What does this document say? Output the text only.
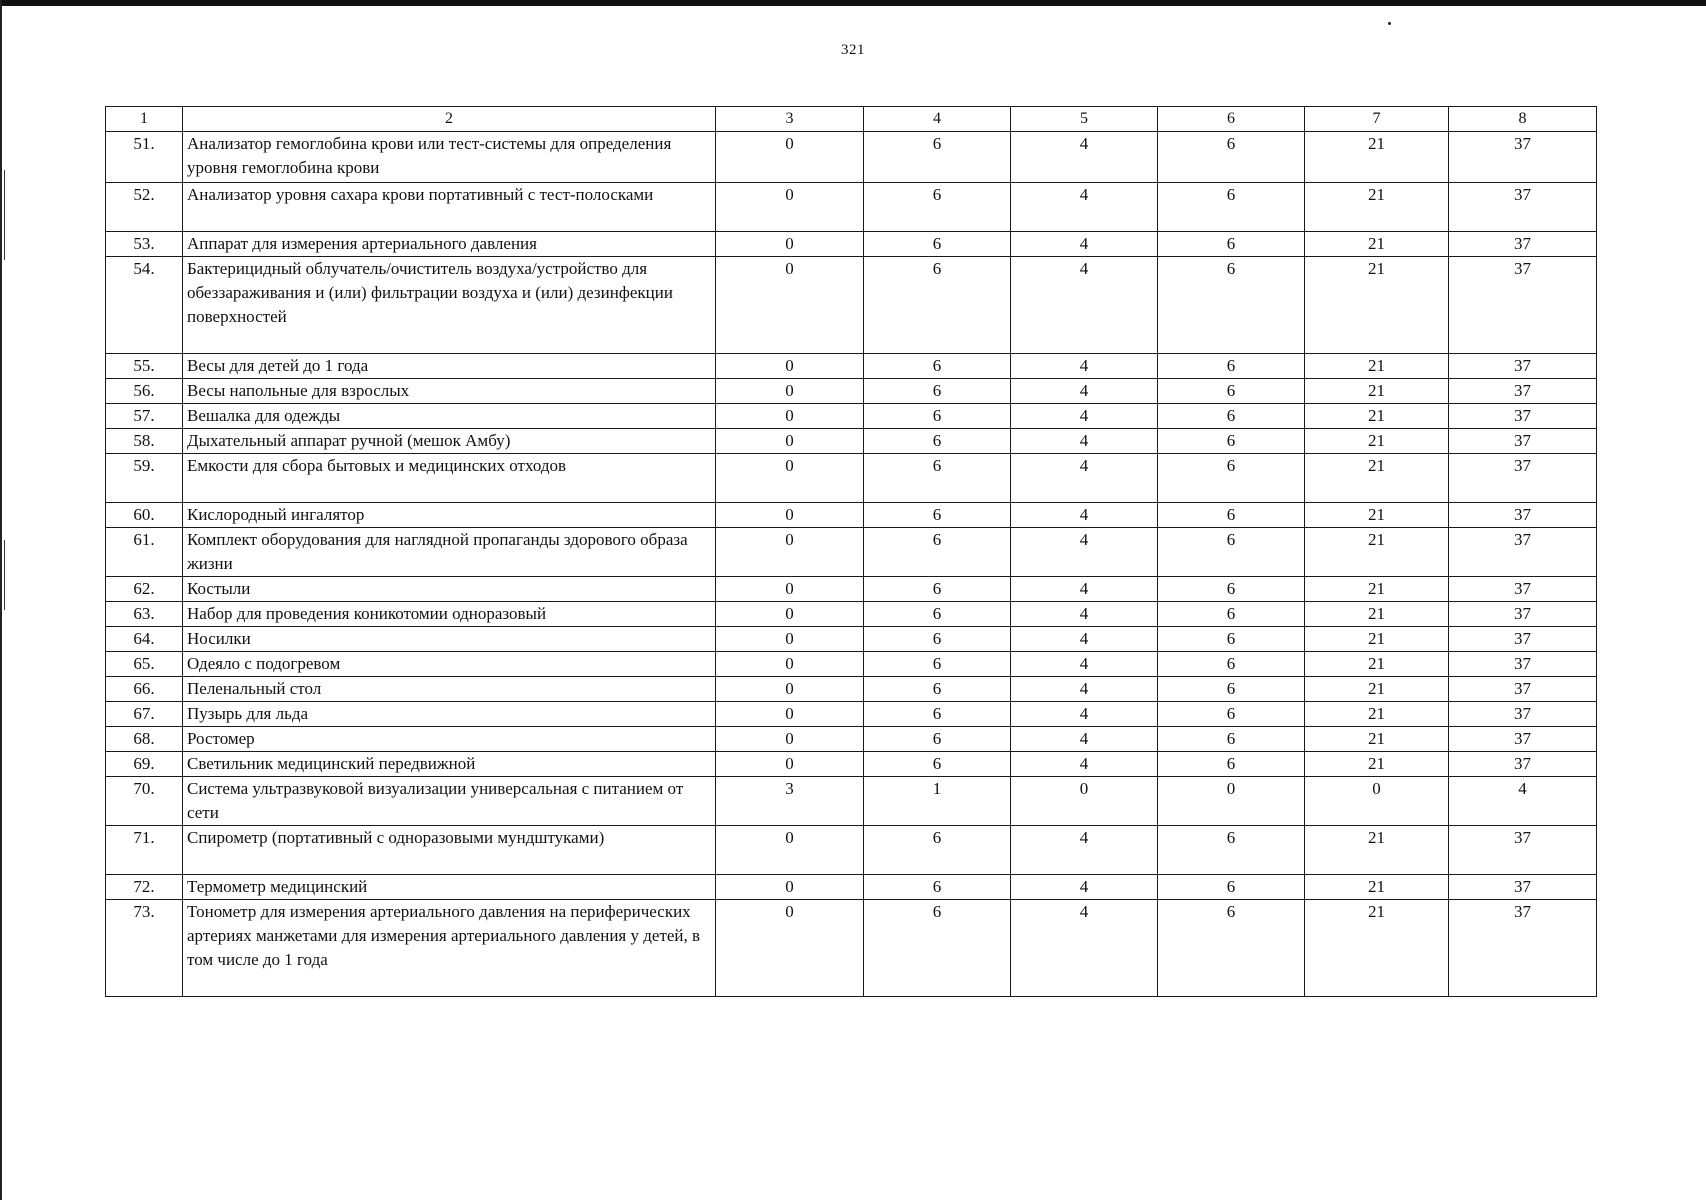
321
1	2	3	4	5	6	7	8
51.	Анализатор гемоглобина крови или тест-системы для определения уровня гемоглобина крови	0	6	4	6	21	37
52.	Анализатор уровня сахара крови портативный с тест-полосками	0	6	4	6	21	37
53.	Аппарат для измерения артериального давления	0	6	4	6	21	37
54.	Бактерицидный облучатель/очиститель воздуха/устройство для обеззараживания и (или) фильтрации воздуха и (или) дезинфекции поверхностей	0	6	4	6	21	37
55.	Весы для детей до 1 года	0	6	4	6	21	37
56.	Весы напольные для взрослых	0	6	4	6	21	37
57.	Вешалка для одежды	0	6	4	6	21	37
58.	Дыхательный аппарат ручной (мешок Амбу)	0	6	4	6	21	37
59.	Емкости для сбора бытовых и медицинских отходов	0	6	4	6	21	37
60.	Кислородный ингалятор	0	6	4	6	21	37
61.	Комплект оборудования для наглядной пропаганды здорового образа жизни	0	6	4	6	21	37
62.	Костыли	0	6	4	6	21	37
63.	Набор для проведения коникотомии одноразовый	0	6	4	6	21	37
64.	Носилки	0	6	4	6	21	37
65.	Одеяло с подогревом	0	6	4	6	21	37
66.	Пеленальный стол	0	6	4	6	21	37
67.	Пузырь для льда	0	6	4	6	21	37
68.	Ростомер	0	6	4	6	21	37
69.	Светильник медицинский передвижной	0	6	4	6	21	37
70.	Система ультразвуковой визуализации универсальная с питанием от сети	3	1	0	0	0	4
71.	Спирометр (портативный с одноразовыми мундштуками)	0	6	4	6	21	37
72.	Термометр медицинский	0	6	4	6	21	37
73.	Тонометр для измерения артериального давления на периферических артериях манжетами для измерения артериального давления у детей, в том числе до 1 года	0	6	4	6	21	37
